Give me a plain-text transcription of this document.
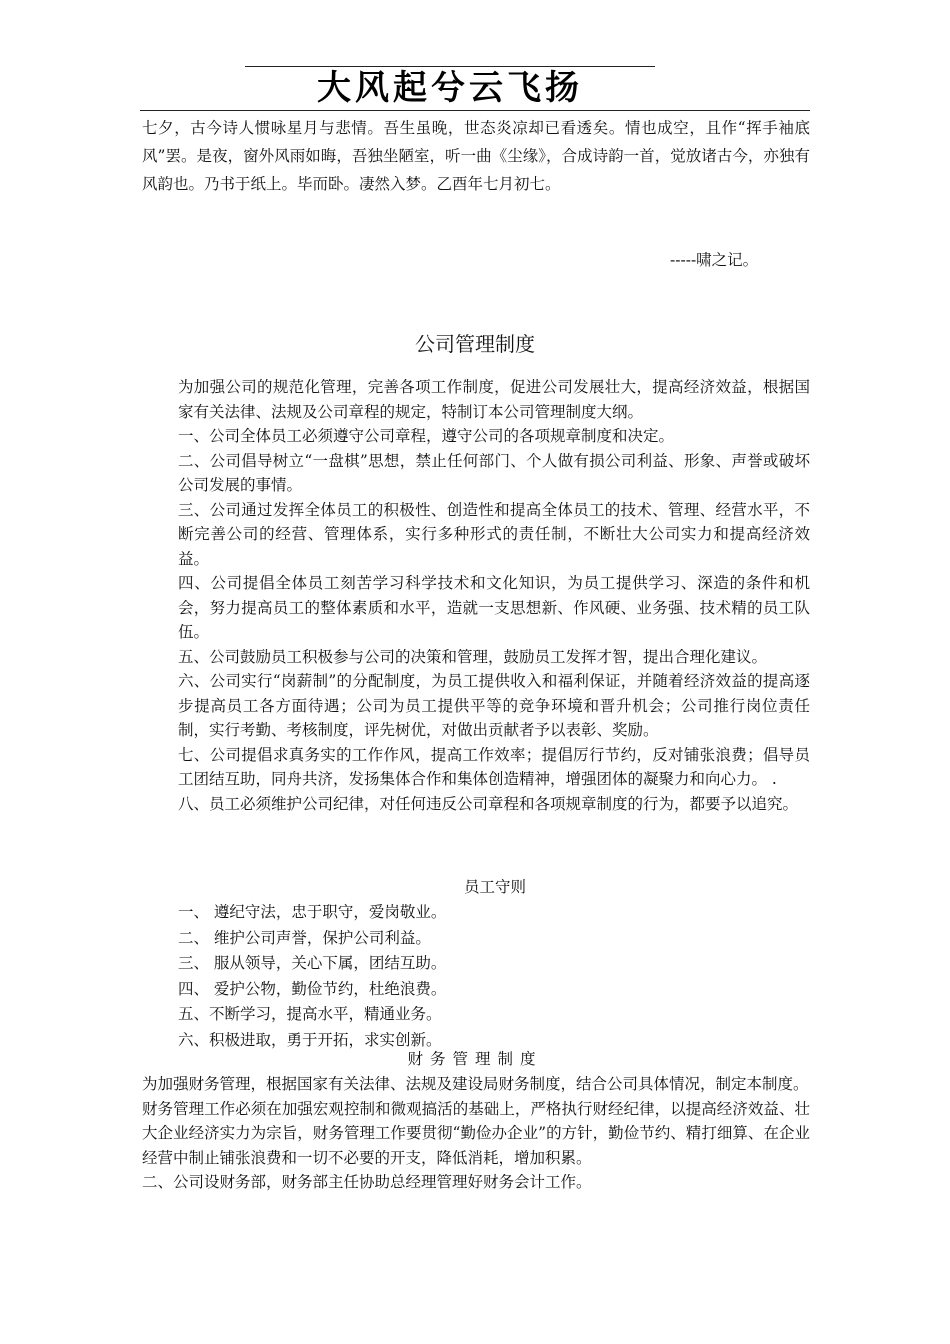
大风起兮云飞扬

七夕，古今诗人惯咏星月与悲情。吾生虽晚，世态炎凉却已看透矣。情也成空，且作“挥手袖底风”罢。是夜，窗外风雨如晦，吾独坐陋室，听一曲《尘缘》，合成诗韵一首，觉放诸古今，亦独有风韵也。乃书于纸上。毕而卧。凄然入梦。乙酉年七月初七。

-----啸之记。
公司管理制度

为加强公司的规范化管理，完善各项工作制度，促进公司发展壮大，提高经济效益，根据国家有关法律、法规及公司章程的规定，特制订本公司管理制度大纲。

一、公司全体员工必须遵守公司章程，遵守公司的各项规章制度和决定。

二、公司倡导树立“一盘棋”思想，禁止任何部门、个人做有损公司利益、形象、声誉或破坏公司发展的事情。

三、公司通过发挥全体员工的积极性、创造性和提高全体员工的技术、管理、经营水平，不断完善公司的经营、管理体系，实行多种形式的责任制，不断壮大公司实力和提高经济效益。

四、公司提倡全体员工刻苦学习科学技术和文化知识，为员工提供学习、深造的条件和机会，努力提高员工的整体素质和水平，造就一支思想新、作风硬、业务强、技术精的员工队伍。

五、公司鼓励员工积极参与公司的决策和管理，鼓励员工发挥才智，提出合理化建议。

六、公司实行“岗薪制”的分配制度，为员工提供收入和福利保证，并随着经济效益的提高逐步提高员工各方面待遇；公司为员工提供平等的竞争环境和晋升机会；公司推行岗位责任制，实行考勤、考核制度，评先树优，对做出贡献者予以表彰、奖励。

七、公司提倡求真务实的工作作风，提高工作效率；提倡厉行节约，反对铺张浪费；倡导员工团结互助，同舟共济，发扬集体合作和集体创造精神，增强团体的凝聚力和向心力。 .

八、员工必须维护公司纪律，对任何违反公司章程和各项规章制度的行为，都要予以追究。

员工守则

一、 遵纪守法，忠于职守，爱岗敬业。

二、 维护公司声誉，保护公司利益。

三、 服从领导，关心下属，团结互助。

四、 爱护公物，勤俭节约，杜绝浪费。

五、不断学习，提高水平，精通业务。

六、积极进取，勇于开拓，求实创新。

财务管理制度

为加强财务管理，根据国家有关法律、法规及建设局财务制度，结合公司具体情况，制定本制度。

财务管理工作必须在加强宏观控制和微观搞活的基础上，严格执行财经纪律，以提高经济效益、壮大企业经济实力为宗旨，财务管理工作要贯彻“勤俭办企业”的方针，勤俭节约、精打细算、在企业经营中制止铺张浪费和一切不必要的开支，降低消耗，增加积累。

二、公司设财务部，财务部主任协助总经理管理好财务会计工作。
